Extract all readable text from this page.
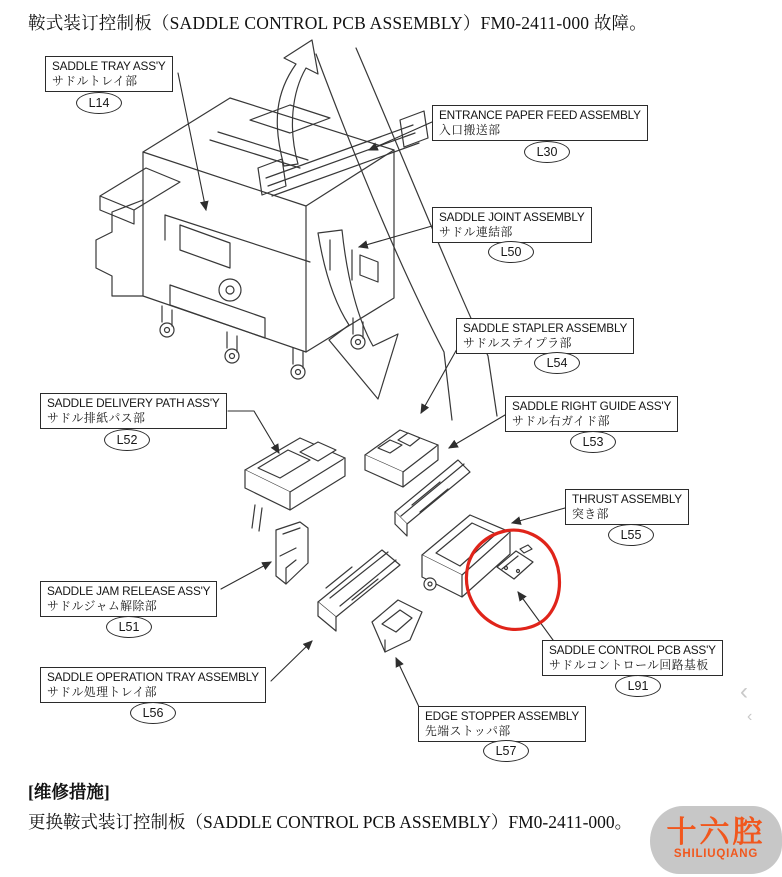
鞍式装订控制板（SADDLE CONTROL PCB ASSEMBLY）FM0-2411-000 故障。
SADDLE TRAY ASS'Y
サドルトレイ部
L14
ENTRANCE PAPER FEED ASSEMBLY
入口搬送部
L30
SADDLE JOINT ASSEMBLY
サドル連結部
L50
SADDLE STAPLER ASSEMBLY
サドルステイプラ部
L54
SADDLE DELIVERY PATH ASS'Y
サドル排紙パス部
L52
SADDLE RIGHT GUIDE ASS'Y
サドル右ガイド部
L53
THRUST ASSEMBLY
突き部
L55
SADDLE JAM RELEASE ASS'Y
サドルジャム解除部
L51
SADDLE CONTROL PCB ASS'Y
サドルコントロール回路基板
L91
SADDLE OPERATION TRAY ASSEMBLY
サドル処理トレイ部
L56	EDGE STOPPER ASSEMBLY
先端ストッパ部
L57
[维修措施]
更换鞍式装订控制板（SADDLE CONTROL PCB ASSEMBLY）FM0-2411-000。
‹
‹
十六腔
SHILIUQIANG
